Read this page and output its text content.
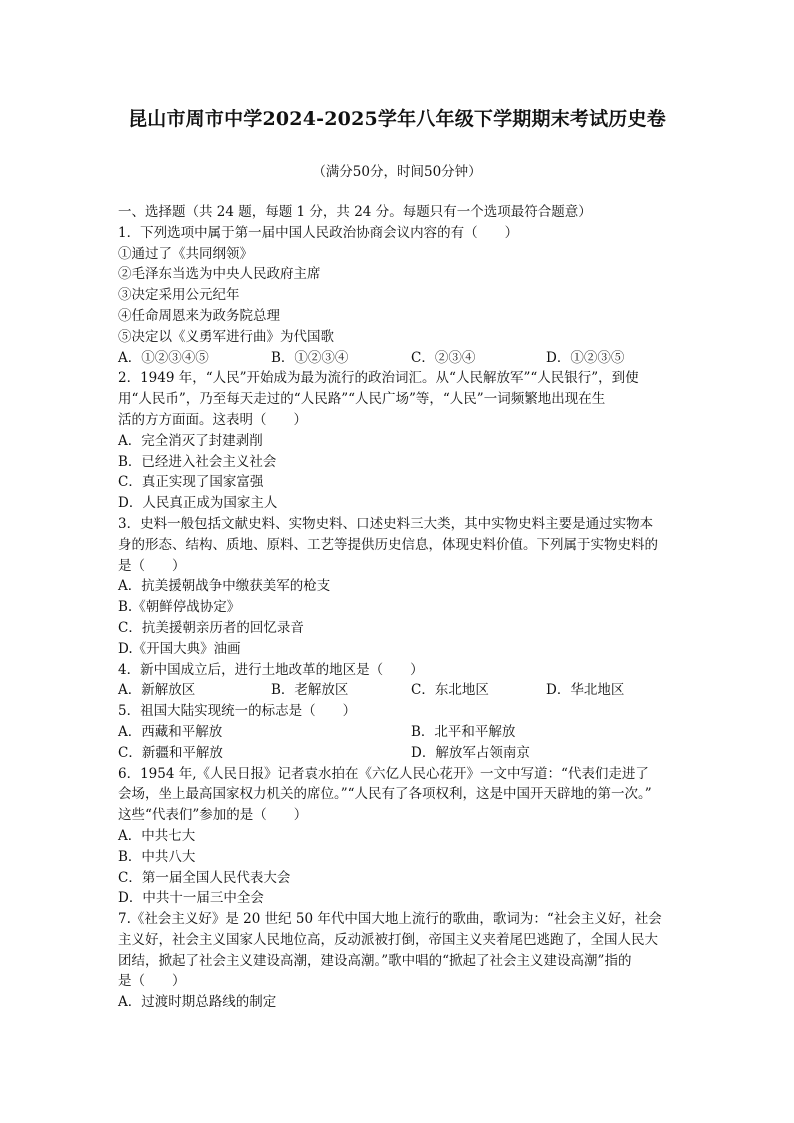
昆山市周市中学2024-2025学年八年级下学期期末考试历史卷
（满分50分，时间50分钟）
一、选择题（共 24 题，每题 1 分，共 24 分。每题只有一个选项最符合题意）
1．下列选项中属于第一届中国人民政治协商会议内容的有（　　）
①通过了《共同纲领》
②毛泽东当选为中央人民政府主席
③决定采用公元纪年
④任命周恩来为政务院总理
⑤决定以《义勇军进行曲》为代国歌
A．①②③④⑤	B．①②③④	C．②③④	D．①②③⑤
2．1949 年，“人民”开始成为最为流行的政治词汇。从“人民解放军”“人民银行”，到使
用“人民币”，乃至每天走过的“人民路”“人民广场”等，“人民”一词频繁地出现在生
活的方方面面。这表明（　　）
A．完全消灭了封建剥削
B．已经进入社会主义社会
C．真正实现了国家富强
D．人民真正成为国家主人
3．史料一般包括文献史料、实物史料、口述史料三大类，其中实物史料主要是通过实物本
身的形态、结构、质地、原料、工艺等提供历史信息，体现史料价值。下列属于实物史料的
是（　　）
A．抗美援朝战争中缴获美军的枪支
B.《朝鲜停战协定》
C．抗美援朝亲历者的回忆录音
D.《开国大典》油画
4．新中国成立后，进行土地改革的地区是（　　）
A．新解放区	B．老解放区	C．东北地区	D．华北地区
5．祖国大陆实现统一的标志是（　　）
A．西藏和平解放	B．北平和平解放
C．新疆和平解放	D．解放军占领南京
6．1954 年,《人民日报》记者袁水拍在《六亿人民心花开》一文中写道：“代表们走进了
会场，坐上最高国家权力机关的席位。”“人民有了各项权利，这是中国开天辟地的第一次。”
这些“代表们”参加的是（　　）
A．中共七大
B．中共八大
C．第一届全国人民代表大会
D．中共十一届三中全会
7.《社会主义好》是 20 世纪 50 年代中国大地上流行的歌曲，歌词为：“社会主义好，社会
主义好，社会主义国家人民地位高，反动派被打倒，帝国主义夹着尾巴逃跑了，全国人民大
团结，掀起了社会主义建设高潮，建设高潮。”歌中唱的“掀起了社会主义建设高潮”指的
是（　　）
A．过渡时期总路线的制定
